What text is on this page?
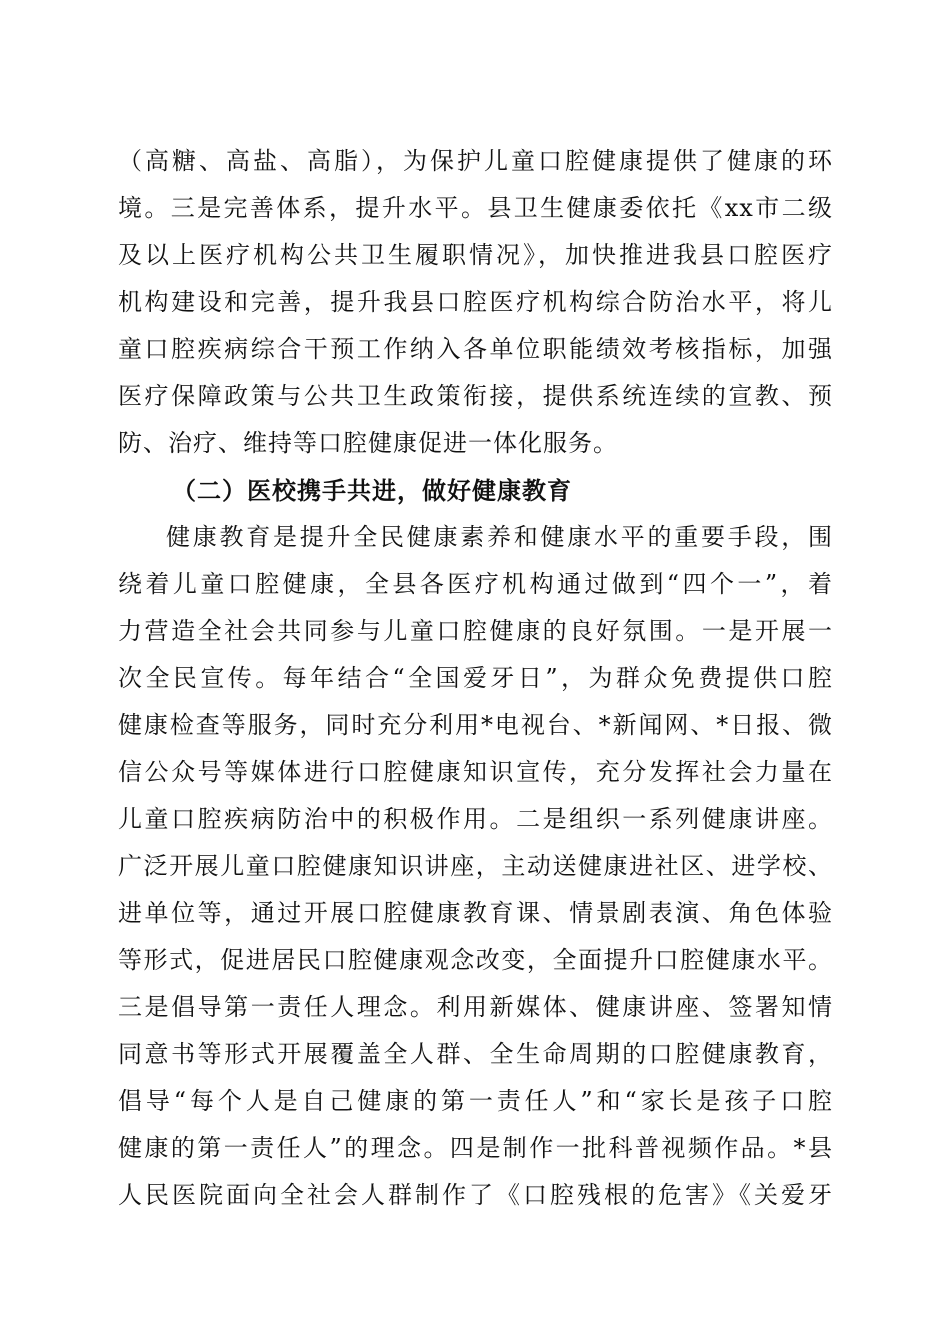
（高糖、高盐、高脂），为保护儿童口腔健康提供了健康的环
境。三是完善体系，提升水平。县卫生健康委依托《xx市二级
及以上医疗机构公共卫生履职情况》，加快推进我县口腔医疗
机构建设和完善，提升我县口腔医疗机构综合防治水平，将儿
童口腔疾病综合干预工作纳入各单位职能绩效考核指标，加强
医疗保障政策与公共卫生政策衔接，提供系统连续的宣教、预
防、治疗、维持等口腔健康促进一体化服务。
（二）医校携手共进，做好健康教育
健康教育是提升全民健康素养和健康水平的重要手段，围
绕着儿童口腔健康，全县各医疗机构通过做到“四个一”，着
力营造全社会共同参与儿童口腔健康的良好氛围。一是开展一
次全民宣传。每年结合“全国爱牙日”，为群众免费提供口腔
健康检查等服务，同时充分利用*电视台、*新闻网、*日报、微
信公众号等媒体进行口腔健康知识宣传，充分发挥社会力量在
儿童口腔疾病防治中的积极作用。二是组织一系列健康讲座。
广泛开展儿童口腔健康知识讲座，主动送健康进社区、进学校、
进单位等，通过开展口腔健康教育课、情景剧表演、角色体验
等形式，促进居民口腔健康观念改变，全面提升口腔健康水平。
三是倡导第一责任人理念。利用新媒体、健康讲座、签署知情
同意书等形式开展覆盖全人群、全生命周期的口腔健康教育，
倡导“每个人是自己健康的第一责任人”和“家长是孩子口腔
健康的第一责任人”的理念。四是制作一批科普视频作品。*县
人民医院面向全社会人群制作了《口腔残根的危害》《关爱牙
